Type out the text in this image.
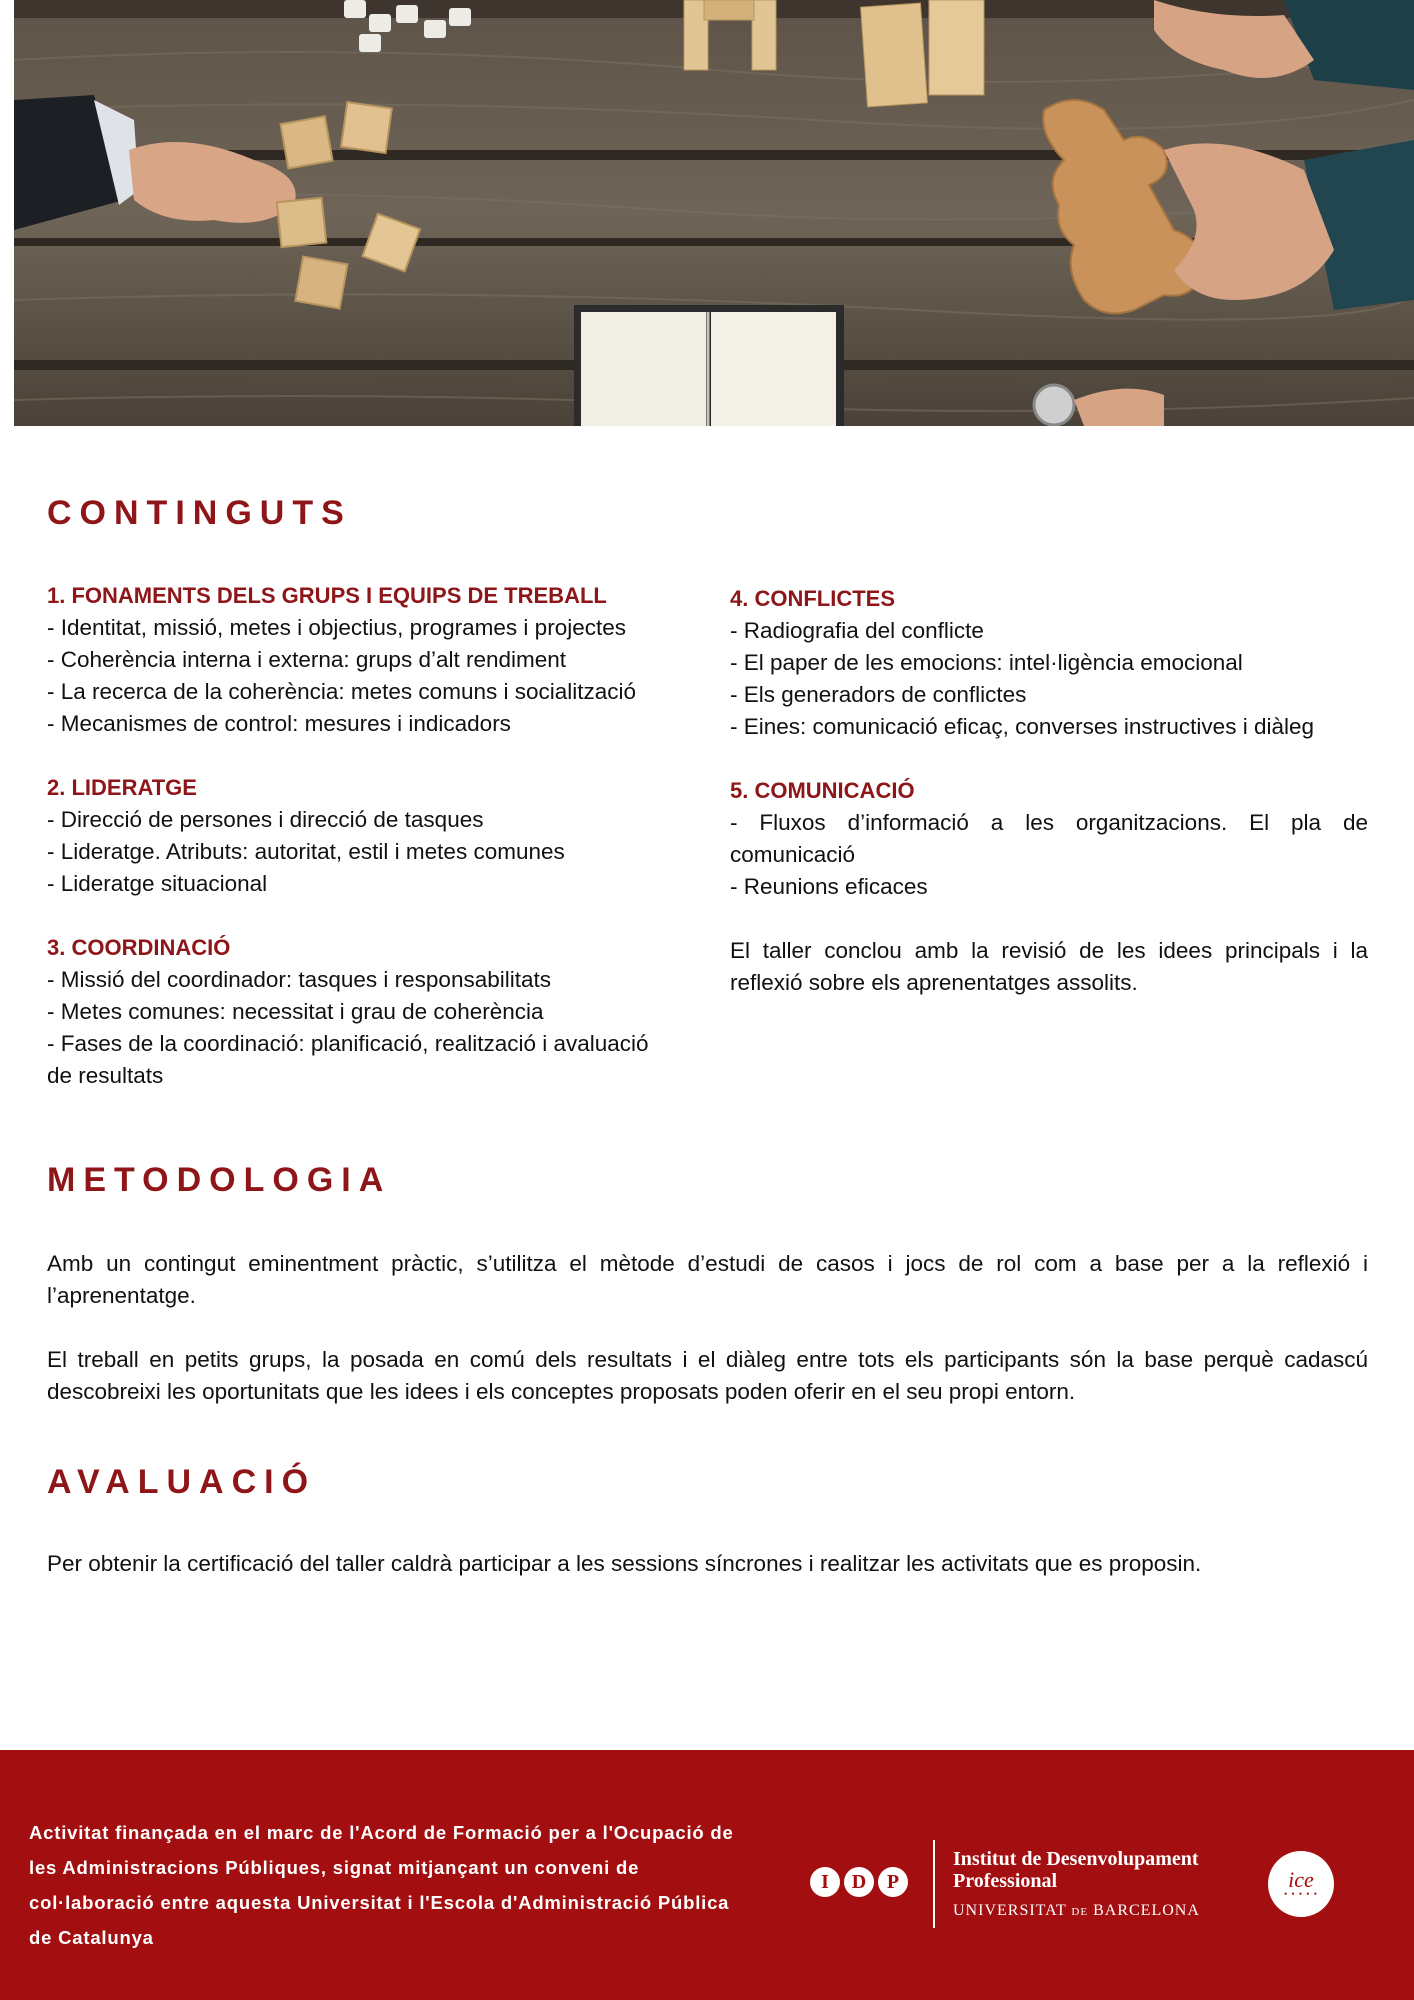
CONTINGUTS
1. FONAMENTS DELS GRUPS I EQUIPS DE TREBALL
- Identitat, missió, metes i objectius, programes i projectes
- Coherència interna i externa: grups d’alt rendiment
- La recerca de la coherència: metes comuns i socialització
- Mecanismes de control: mesures i indicadors
2. LIDERATGE
- Direcció de persones i direcció de tasques
- Lideratge. Atributs: autoritat, estil i metes comunes
- Lideratge situacional
3. COORDINACIÓ
- Missió del coordinador: tasques i responsabilitats
- Metes comunes: necessitat i grau de coherència
- Fases de la coordinació: planificació, realització i avaluació de resultats
4. CONFLICTES
- Radiografia del conflicte
- El paper de les emocions: intel·ligència emocional
- Els generadors de conflictes
- Eines: comunicació eficaç, converses instructives i diàleg
5. COMUNICACIÓ
- Fluxos d’informació a les organitzacions. El pla de comunicació
- Reunions eficaces

El taller conclou amb la revisió de les idees principals i la reflexió sobre els aprenentatges assolits.

METODOLOGIA

Amb un contingut eminentment pràctic, s’utilitza el mètode d’estudi de casos i jocs de rol com a base per a la reflexió i l’aprenentatge.

El treball en petits grups, la posada en comú dels resultats i el diàleg entre tots els participants són la base perquè cadascú descobreixi les oportunitats que les idees i els conceptes proposats poden oferir en el seu propi entorn.

AVALUACIÓ

Per obtenir la certificació del taller caldrà participar a les sessions síncrones i realitzar les activitats que es proposin.

Activitat finançada en el marc de l'Acord de Formació per a l'Ocupació de les Administracions Públiques, signat mitjançant un conveni de col·laboració entre aquesta Universitat i l'Escola d'Administració Pública de Catalunya
I	D	P
Institut de Desenvolupament
Professional
UNIVERSITAT DE BARCELONA
ice
• • • • •
